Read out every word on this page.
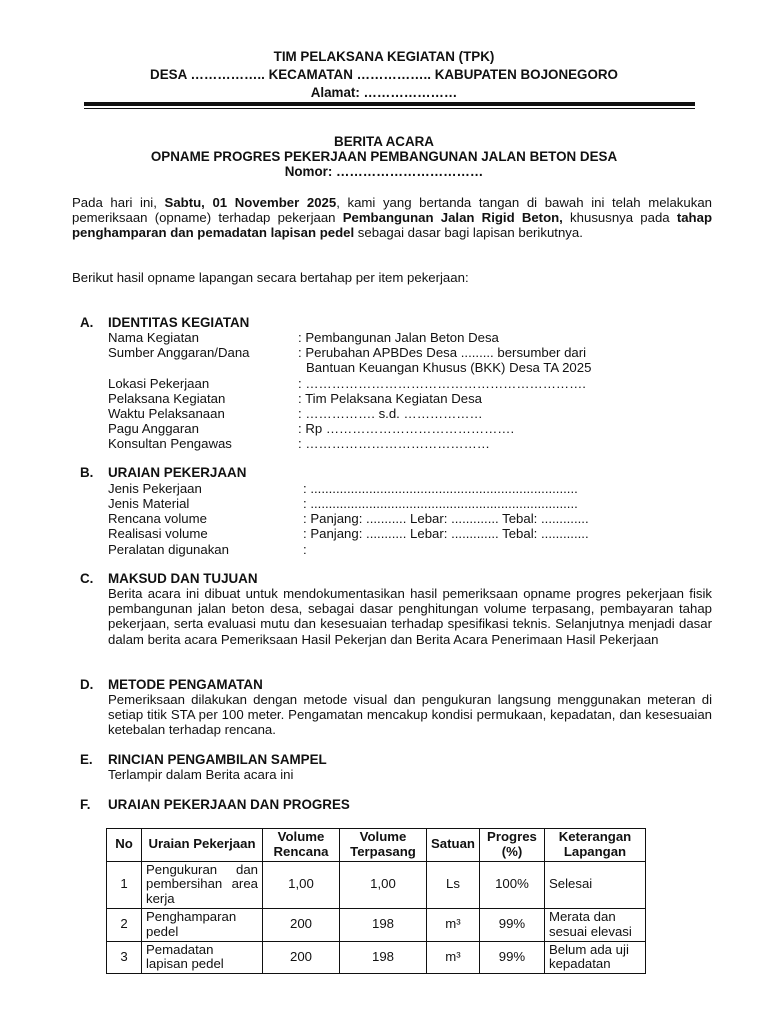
TIM PELAKSANA KEGIATAN (TPK)
DESA …………….. KECAMATAN …………….. KABUPATEN BOJONEGORO
Alamat: …………………
BERITA ACARA
OPNAME PROGRES PEKERJAAN PEMBANGUNAN JALAN BETON DESA
Nomor: ……………………………
Pada hari ini, Sabtu, 01 November 2025, kami yang bertanda tangan di bawah ini telah melakukan pemeriksaan (opname) terhadap pekerjaan Pembangunan Jalan Rigid Beton, khususnya pada tahap penghamparan dan pemadatan lapisan pedel sebagai dasar bagi lapisan berikutnya.
Berikut hasil opname lapangan secara bertahap per item pekerjaan:
A. IDENTITAS KEGIATAN
Nama Kegiatan	: Pembangunan Jalan Beton Desa
Sumber Anggaran/Dana	: Perubahan APBDes Desa ......... bersumber dari
Bantuan Keuangan Khusus (BKK) Desa TA 2025
Lokasi Pekerjaan	: ……………………………………………………….
Pelaksana Kegiatan	: Tim Pelaksana Kegiatan Desa
Waktu Pelaksanaan	: ……………. s.d. ………………
Pagu Anggaran	: Rp …………………………………….
Konsultan Pengawas	: ……………………………………
B. URAIAN PEKERJAAN
Jenis Pekerjaan	: .........................................................................
Jenis Material	: .........................................................................
Rencana volume	: Panjang: ........... Lebar: ............. Tebal: .............
Realisasi volume	: Panjang: ........... Lebar: ............. Tebal: .............
Peralatan digunakan	:
C. MAKSUD DAN TUJUAN
Berita acara ini dibuat untuk mendokumentasikan hasil pemeriksaan opname progres pekerjaan fisik pembangunan jalan beton desa, sebagai dasar penghitungan volume terpasang, pembayaran tahap pekerjaan, serta evaluasi mutu dan kesesuaian terhadap spesifikasi teknis. Selanjutnya menjadi dasar dalam berita acara Pemeriksaan Hasil Pekerjan dan Berita Acara Penerimaan Hasil Pekerjaan
D. METODE PENGAMATAN
Pemeriksaan dilakukan dengan metode visual dan pengukuran langsung menggunakan meteran di setiap titik STA per 100 meter. Pengamatan mencakup kondisi permukaan, kepadatan, dan kesesuaian ketebalan terhadap rencana.
E. RINCIAN PENGAMBILAN SAMPEL
Terlampir dalam Berita acara ini
F. URAIAN PEKERJAAN DAN PROGRES
No	Uraian Pekerjaan	Volume Rencana	Volume Terpasang	Satuan	Progres (%)	Keterangan Lapangan
1	Pengukuran dan pembersihan area kerja	1,00	1,00	Ls	100%	Selesai
2	Penghamparan pedel	200	198	m³	99%	Merata dan sesuai elevasi
3	Pemadatan lapisan pedel	200	198	m³	99%	Belum ada uji kepadatan
